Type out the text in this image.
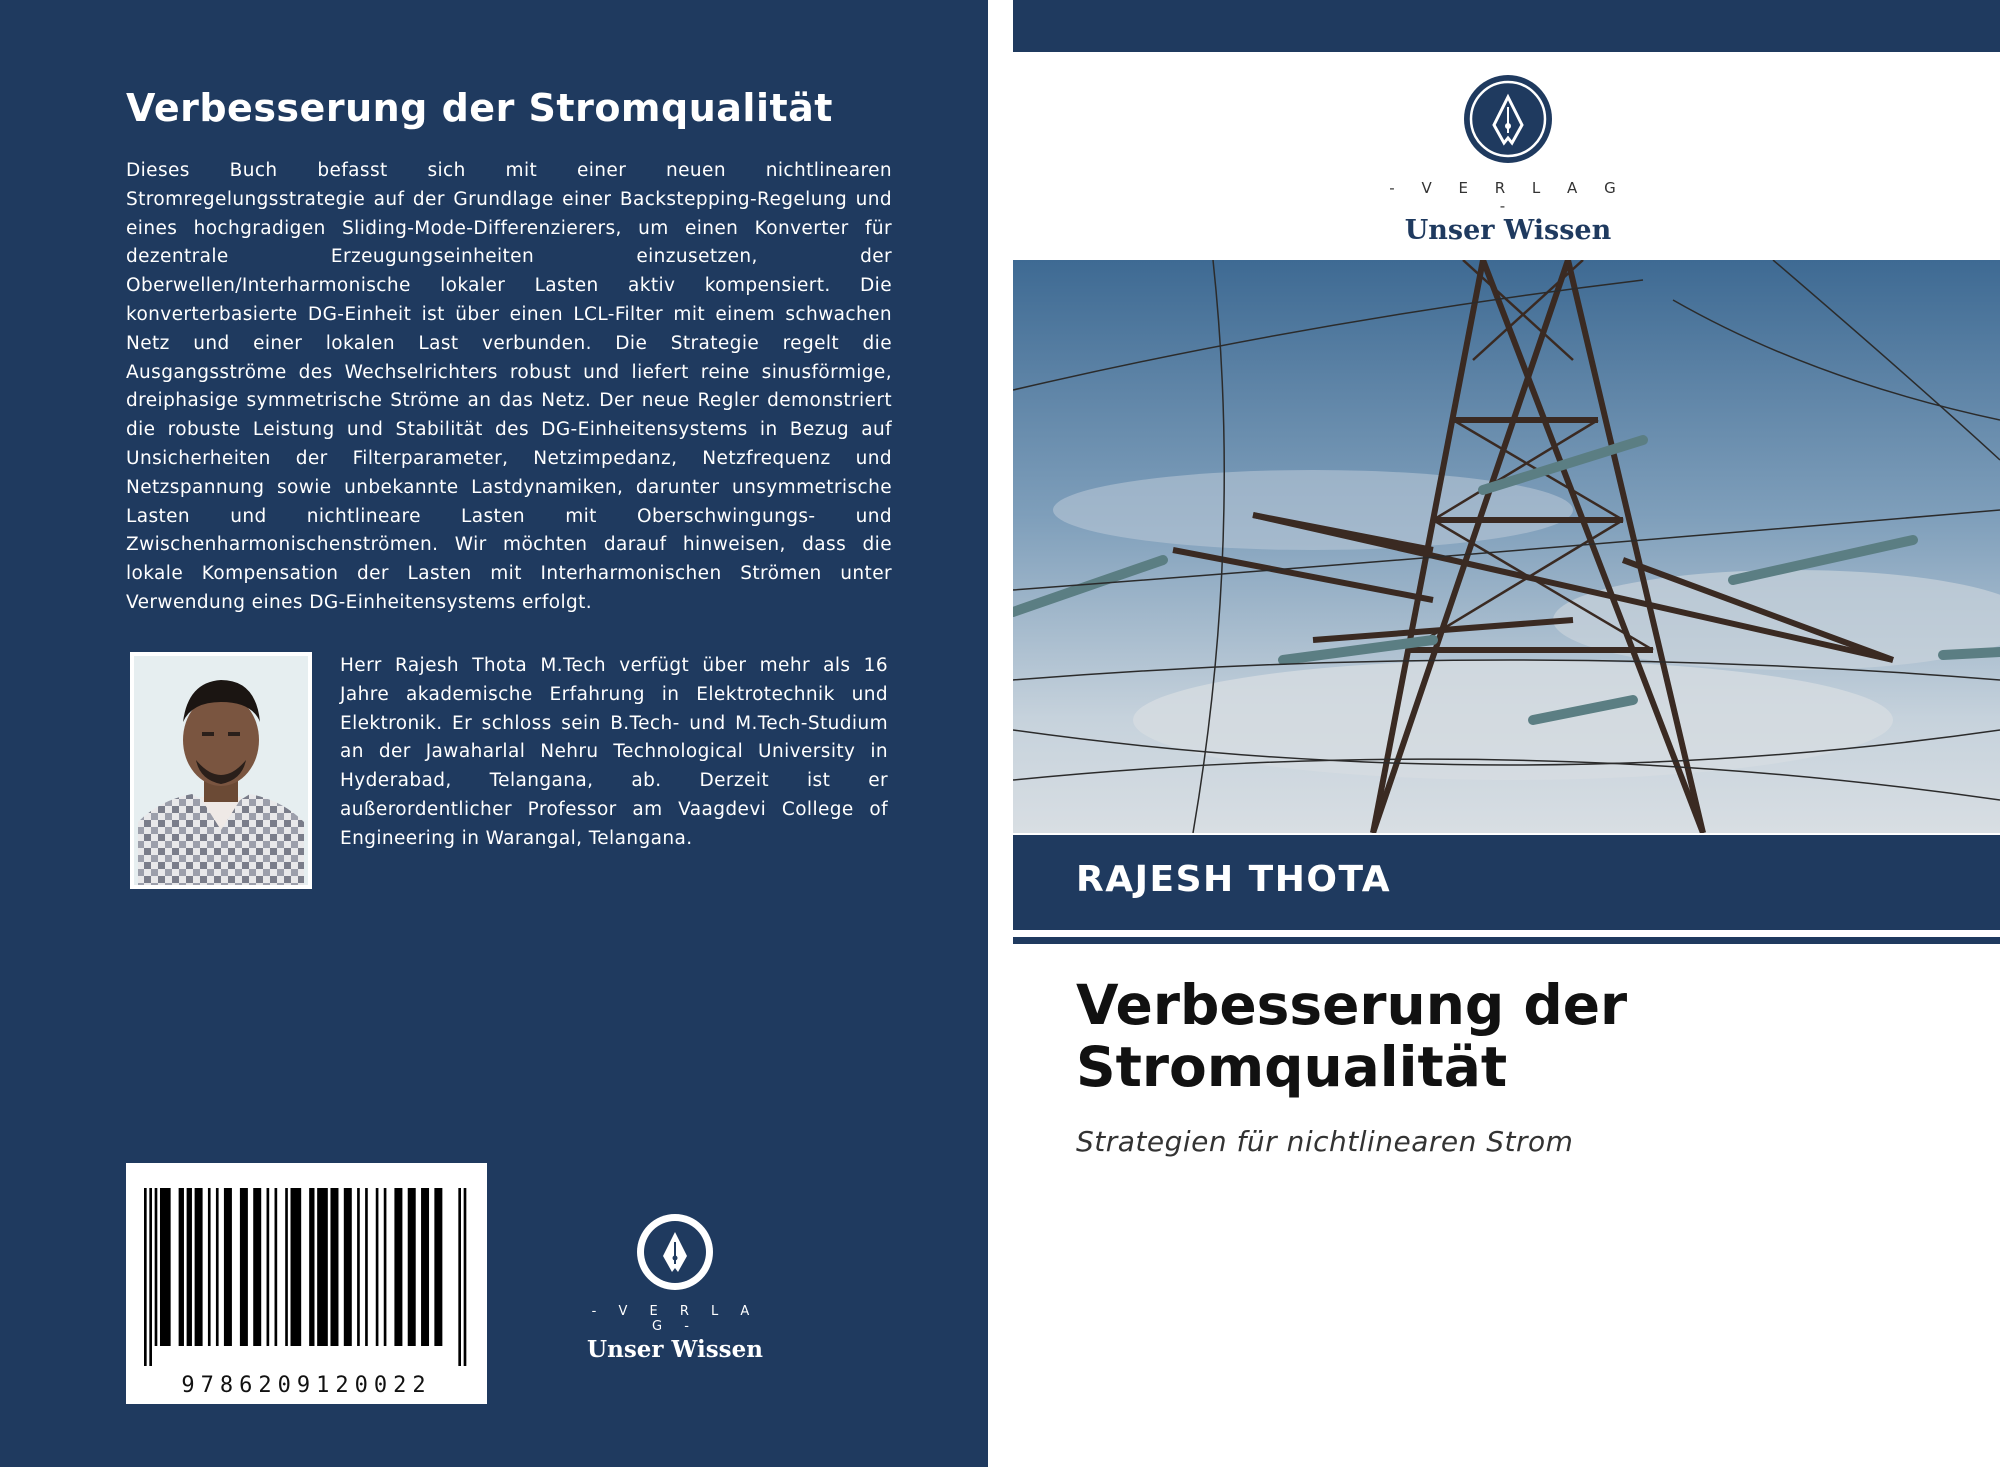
Verbesserung der Stromqualität
Dieses Buch befasst sich mit einer neuen nichtlinearen Stromregelungsstrategie auf der Grundlage einer Backstepping-Regelung und eines hochgradigen Sliding-Mode-Differenzierers, um einen Konverter für dezentrale Erzeugungseinheiten einzusetzen, der Oberwellen/Interharmonische lokaler Lasten aktiv kompensiert. Die konverterbasierte DG-Einheit ist über einen LCL-Filter mit einem schwachen Netz und einer lokalen Last verbunden. Die Strategie regelt die Ausgangsströme des Wechselrichters robust und liefert reine sinusförmige, dreiphasige symmetrische Ströme an das Netz. Der neue Regler demonstriert die robuste Leistung und Stabilität des DG-Einheitensystems in Bezug auf Unsicherheiten der Filterparameter, Netzimpedanz, Netzfrequenz und Netzspannung sowie unbekannte Lastdynamiken, darunter unsymmetrische Lasten und nichtlineare Lasten mit Oberschwingungs- und Zwischenharmonischenströmen. Wir möchten darauf hinweisen, dass die lokale Kompensation der Lasten mit Interharmonischen Strömen unter Verwendung eines DG-Einheitensystems erfolgt.
Herr Rajesh Thota M.Tech verfügt über mehr als 16 Jahre akademische Erfahrung in Elektrotechnik und Elektronik. Er schloss sein B.Tech- und M.Tech-Studium an der Jawaharlal Nehru Technological University in Hyderabad, Telangana, ab. Derzeit ist er außerordentlicher Professor am Vaagdevi College of Engineering in Warangal, Telangana.
9786209120022
- V E R L A G -
Unser Wissen
- V E R L A G -
Unser Wissen
RAJESH THOTA
Verbesserung der
Stromqualität
Strategien für nichtlinearen Strom
